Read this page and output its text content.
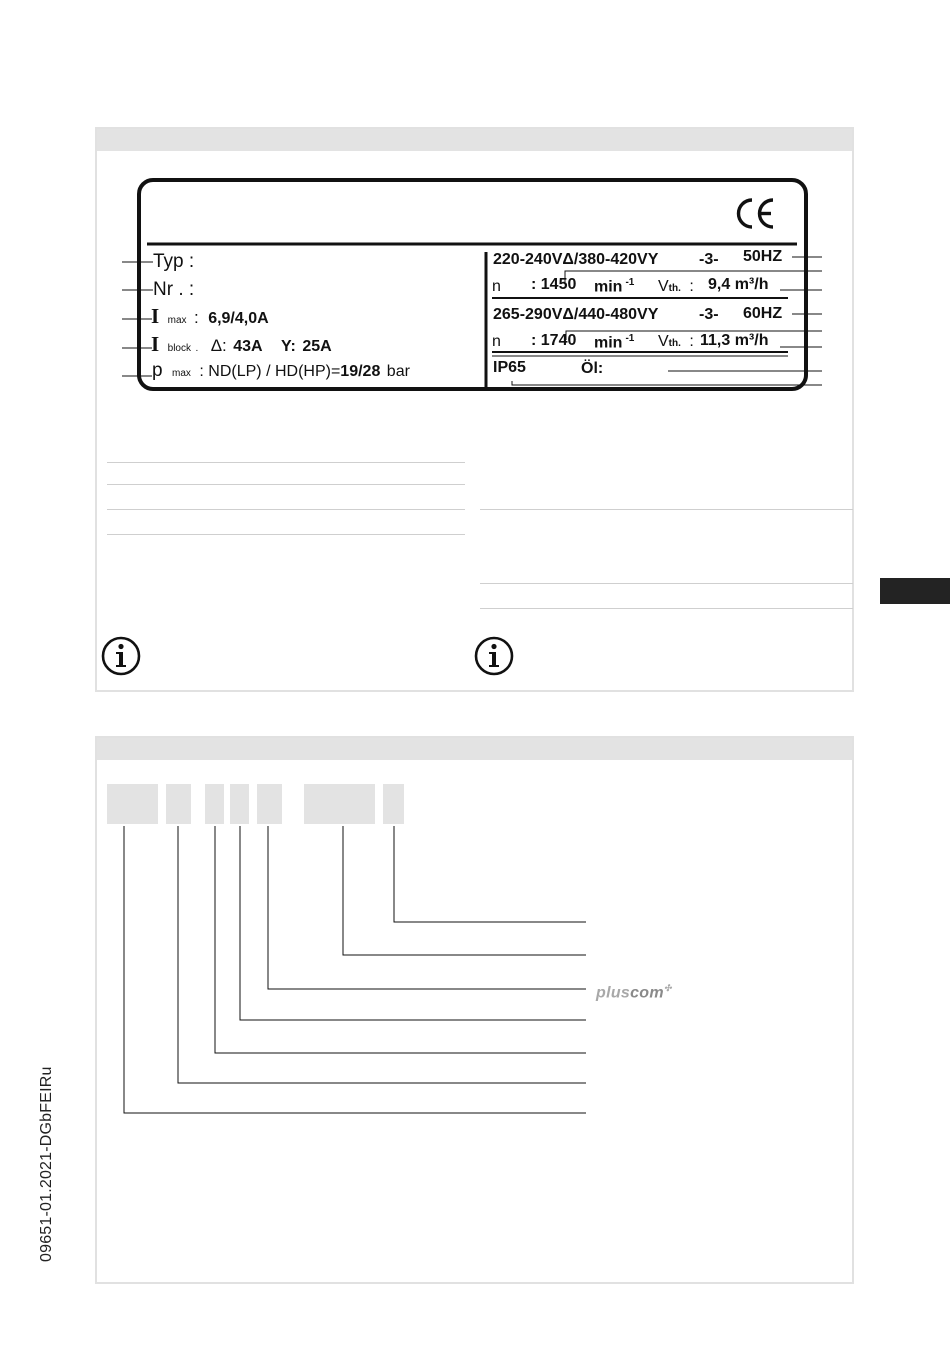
Typ :
Nr . :
I max : 6,9/4,0A
I block . Δ: 43A Y: 25A
p max : ND(LP) / HD(HP)=19/28 bar
220-240VΔ/380-420VY	-3- 50HZ
n : 1450 min $^{-1}$ Vth. : 9,4 m³/h
265-290VΔ/440-480VY	-3- 60HZ
n : 1740 min $^{-1}$ Vth. : 11,3 m³/h
IP65	Öl:
pluscom✣
09651-01.2021-DGbFEIRu
